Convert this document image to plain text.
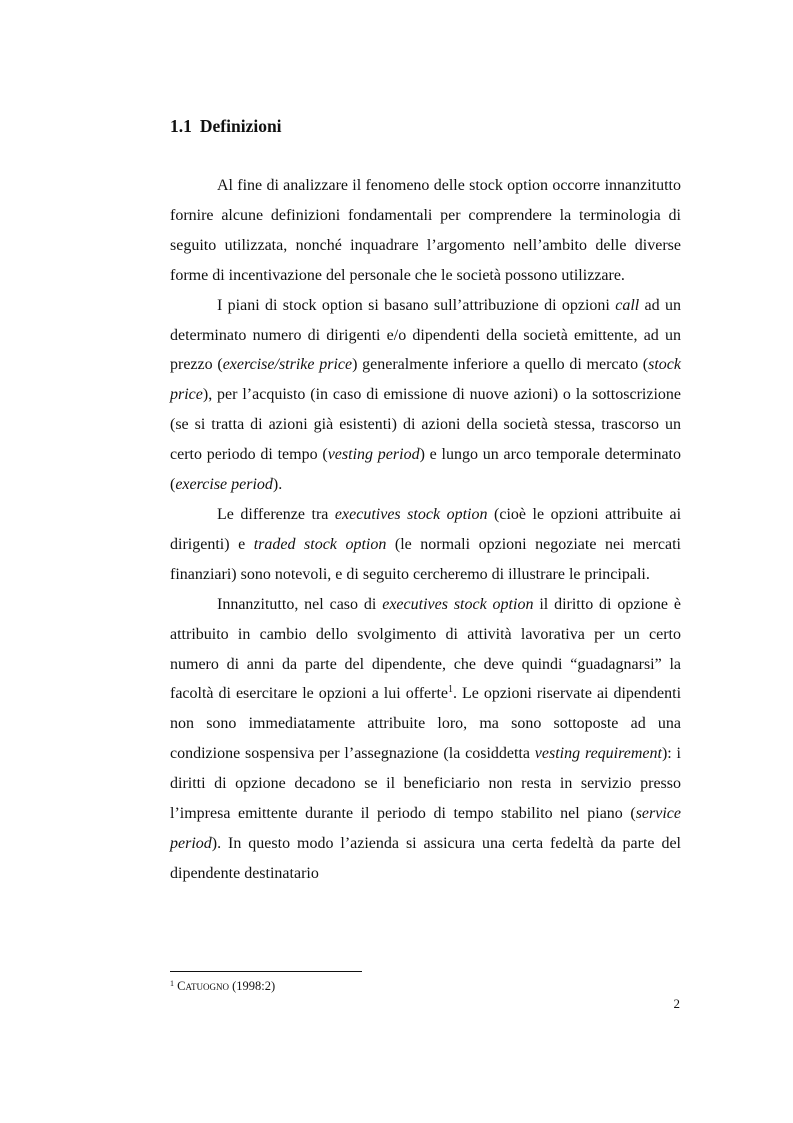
1.1 Definizioni

Al fine di analizzare il fenomeno delle stock option occorre innanzitutto fornire alcune definizioni fondamentali per comprendere la terminologia di seguito utilizzata, nonché inquadrare l’argomento nell’ambito delle diverse forme di incentivazione del personale che le società possono utilizzare.

I piani di stock option si basano sull’attribuzione di opzioni call ad un determinato numero di dirigenti e/o dipendenti della società emittente, ad un prezzo (exercise/strike price) generalmente inferiore a quello di mercato (stock price), per l’acquisto (in caso di emissione di nuove azioni) o la sottoscrizione (se si tratta di azioni già esistenti) di azioni della società stessa, trascorso un certo periodo di tempo (vesting period) e lungo un arco temporale determinato (exercise period).

Le differenze tra executives stock option (cioè le opzioni attribuite ai dirigenti) e traded stock option (le normali opzioni negoziate nei mercati finanziari) sono notevoli, e di seguito cercheremo di illustrare le principali.

Innanzitutto, nel caso di executives stock option il diritto di opzione è attribuito in cambio dello svolgimento di attività lavorativa per un certo numero di anni da parte del dipendente, che deve quindi “guadagnarsi” la facoltà di esercitare le opzioni a lui offerte$^1$. Le opzioni riservate ai dipendenti non sono immediatamente attribuite loro, ma sono sottoposte ad una condizione sospensiva per l’assegnazione (la cosiddetta vesting requirement): i diritti di opzione decadono se il beneficiario non resta in servizio presso l’impresa emittente durante il periodo di tempo stabilito nel piano (service period). In questo modo l’azienda si assicura una certa fedeltà da parte del dipendente destinatario

$^1$ Catuogno (1998:2)
2
